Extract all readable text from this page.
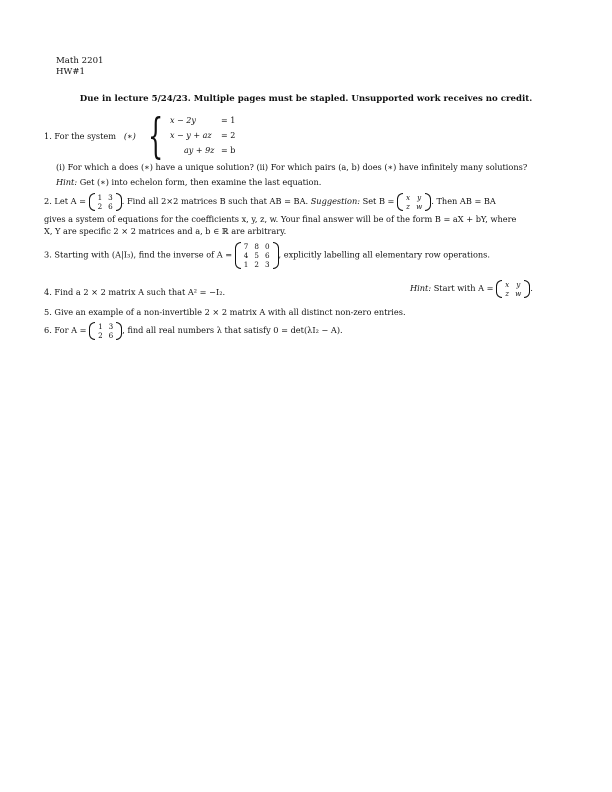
Math 2201
HW#1
Due in lecture 5/24/23. Multiple pages must be stapled. Unsupported work receives no credit.
1. For the system (∗) { x − 2y	= 1
x − y + az = 2
ay + 9z = b
(i) For which a does (∗) have a unique solution? (ii) For which pairs (a, b) does (∗) have infinitely many solutions?
Hint: Get (∗) into echelon form, then examine the last equation.
2. Let A = 1	3
2	6
. Find all 2×2 matrices B such that AB = BA. Suggestion: Set B = x	y
z	w
. Then AB = BA
gives a system of equations for the coefficients x, y, z, w. Your final answer will be of the form B = aX + bY, where
X, Y are specific 2 × 2 matrices and a, b ∈ ℝ are arbitrary.
3. Starting with (A|I₃), find the inverse of A =
7	8	0
4	5	6
1	2	3
, explicitly labelling all elementary row operations.
4. Find a 2 × 2 matrix A such that A² = −I₂.	Hint: Start with A = x	y
z	w
.
5. Give an example of a non-invertible 2 × 2 matrix A with all distinct non-zero entries.
6. For A = 1	3
2	6
, find all real numbers λ that satisfy 0 = det(λI₂ − A).
